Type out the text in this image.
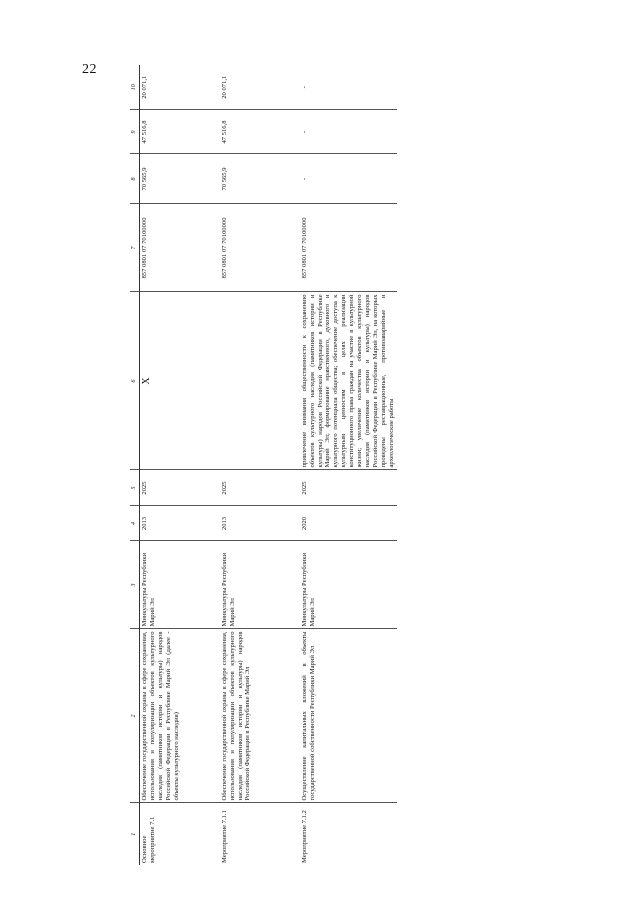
22
1	2	3	4	5	6	7	8	9	10
Основное мероприятие 7.1	Обеспечение государственной охраны в сфере сохранения, использования и популяризации объектов культурного наследия (памятников истории и культуры) народов Российской Федерации в Республике Марий Эл (далее - объекты культурного наследия)	Минкультуры Республики Марий Эл	2013	2025	X	857 0801 07 70100000	70 565,9	47 516,8	20 071,1
Мероприятие 7.1.1	Обеспечение государственной охраны в сфере сохранения, использования и популяризации объектов культурного наследия (памятников истории и культуры) народов Российской Федерации в Республике Марий Эл	Минкультуры Республики Марий Эл	2013	2025		857 0801 07 70100000	70 565,9	47 516,8	20 071,1
Мероприятие 7.1.2	Осуществление капитальных вложений в объекты государственной собственности Республики Марий Эл	Минкультуры Республики Марий Эл	2020	2025	привлечение внимания общественности к сохранению объектов культурного наследия (памятников истории и культуры) народов Российской Федерации в Республике Марий Эл; формирование нравственного, духовного и культурного потенциала общества; обеспечение доступа к культурным ценностям в целях реализации конституционного права граждан на участие в культурной жизни; увеличение количества объектов культурного наследия (памятников истории и культуры) народов Российской Федерации в Республике Марий Эл, на которых проведены реставрационные, противоаварийные и археологические работы	857 0801 07 70100000	-	-	-
